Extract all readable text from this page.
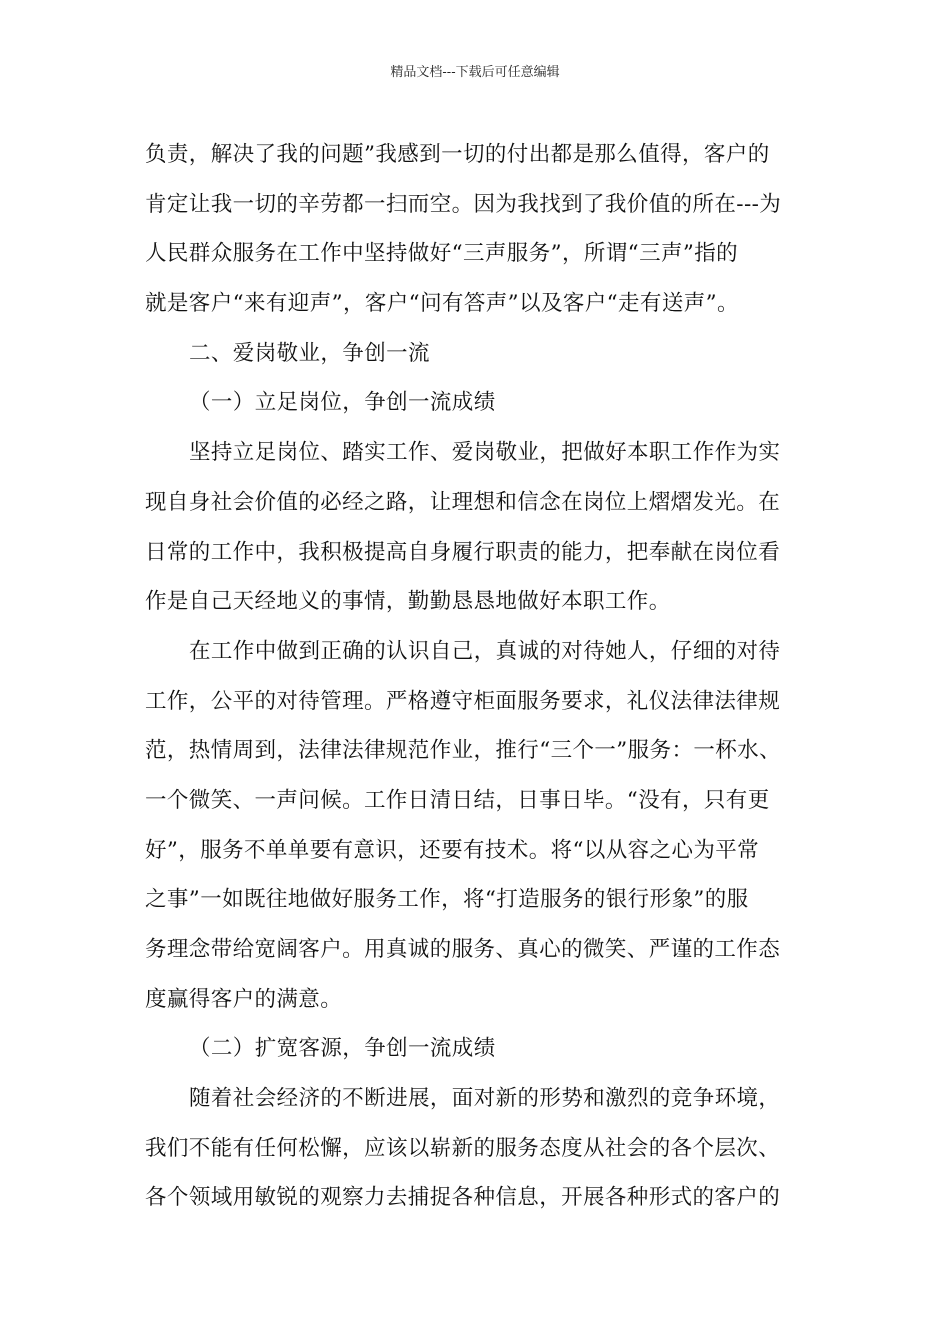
精品文档---下载后可任意编辑
负责，解决了我的问题”我感到一切的付出都是那么值得，客户的
肯定让我一切的辛劳都一扫而空。因为我找到了我价值的所在---为
人民群众服务在工作中坚持做好“三声服务”，所谓“三声”指的
就是客户“来有迎声”，客户“问有答声”以及客户“走有送声”。
二、爱岗敬业，争创一流
（一）立足岗位，争创一流成绩
坚持立足岗位、踏实工作、爱岗敬业，把做好本职工作作为实
现自身社会价值的必经之路，让理想和信念在岗位上熠熠发光。在
日常的工作中，我积极提高自身履行职责的能力，把奉献在岗位看
作是自己天经地义的事情，勤勤恳恳地做好本职工作。
在工作中做到正确的认识自己，真诚的对待她人，仔细的对待
工作，公平的对待管理。严格遵守柜面服务要求，礼仪法律法律规
范，热情周到，法律法律规范作业，推行“三个一”服务：一杯水、
一个微笑、一声问候。工作日清日结，日事日毕。“没有，只有更
好”，服务不单单要有意识，还要有技术。将“以从容之心为平常
之事”一如既往地做好服务工作，将“打造服务的银行形象”的服
务理念带给宽阔客户。用真诚的服务、真心的微笑、严谨的工作态
度赢得客户的满意。
（二）扩宽客源，争创一流成绩
随着社会经济的不断进展，面对新的形势和激烈的竞争环境，
我们不能有任何松懈，应该以崭新的服务态度从社会的各个层次、
各个领域用敏锐的观察力去捕捉各种信息，开展各种形式的客户的
